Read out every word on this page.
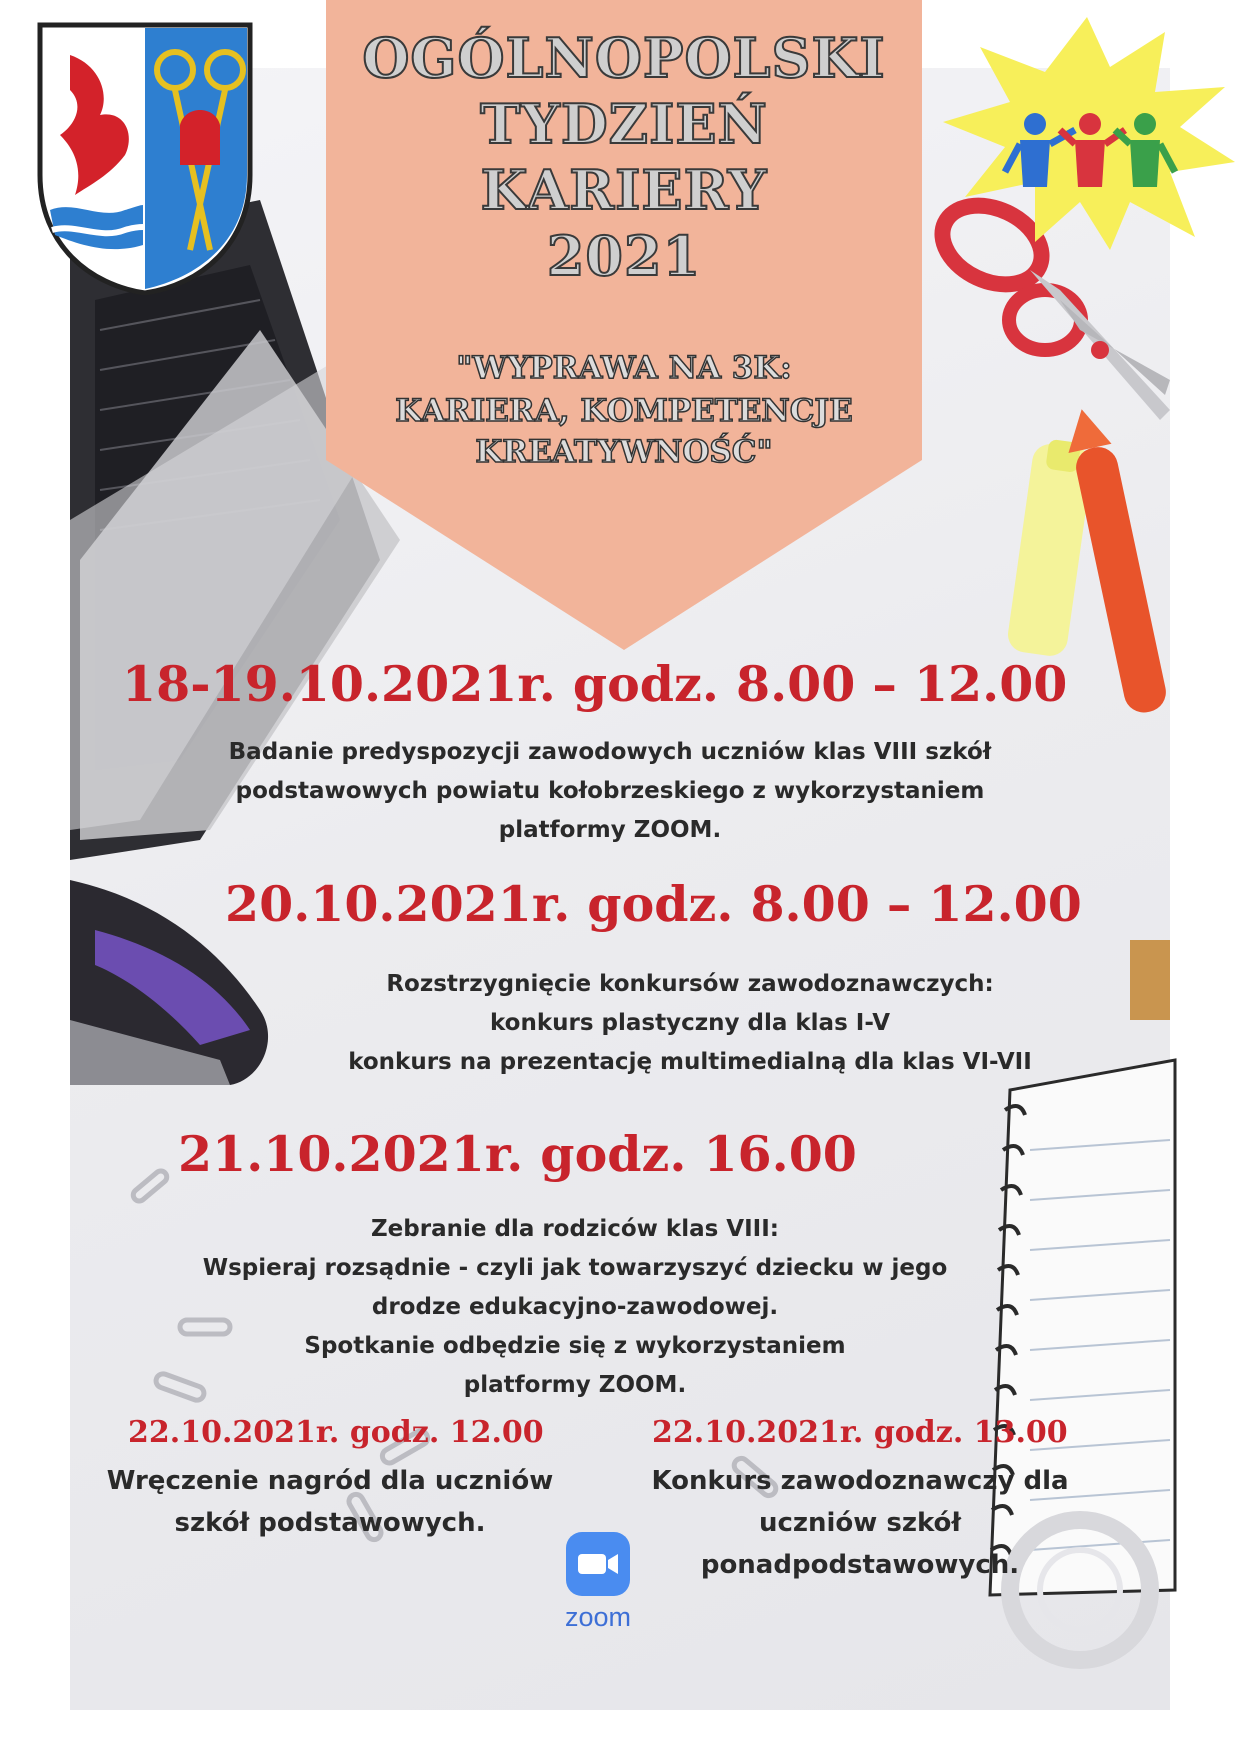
OGÓLNOPOLSKI
TYDZIEŃ
KARIERY
2021

"WYPRAWA NA 3K:

KARIERA, KOMPETENCJE

KREATYWNOŚĆ"

18-19.10.2021r. godz. 8.00 – 12.00

Badanie predyspozycji zawodowych uczniów klas VIII szkół
podstawowych powiatu kołobrzeskiego z wykorzystaniem
platformy ZOOM.

20.10.2021r. godz. 8.00 – 12.00

Rozstrzygnięcie konkursów zawodoznawczych:
konkurs plastyczny dla klas I-V
konkurs na prezentację multimedialną dla klas VI-VII

21.10.2021r. godz. 16.00

Zebranie dla rodziców klas VIII:
Wspieraj rozsądnie - czyli jak towarzyszyć dziecku w jego
drodze edukacyjno-zawodowej.
Spotkanie odbędzie się z wykorzystaniem
platformy ZOOM.

22.10.2021r. godz. 12.00

Wręczenie nagród dla uczniów
szkół podstawowych.

22.10.2021r. godz. 13.00

Konkurs zawodoznawczy dla
uczniów szkół
ponadpodstawowych.
zoom
